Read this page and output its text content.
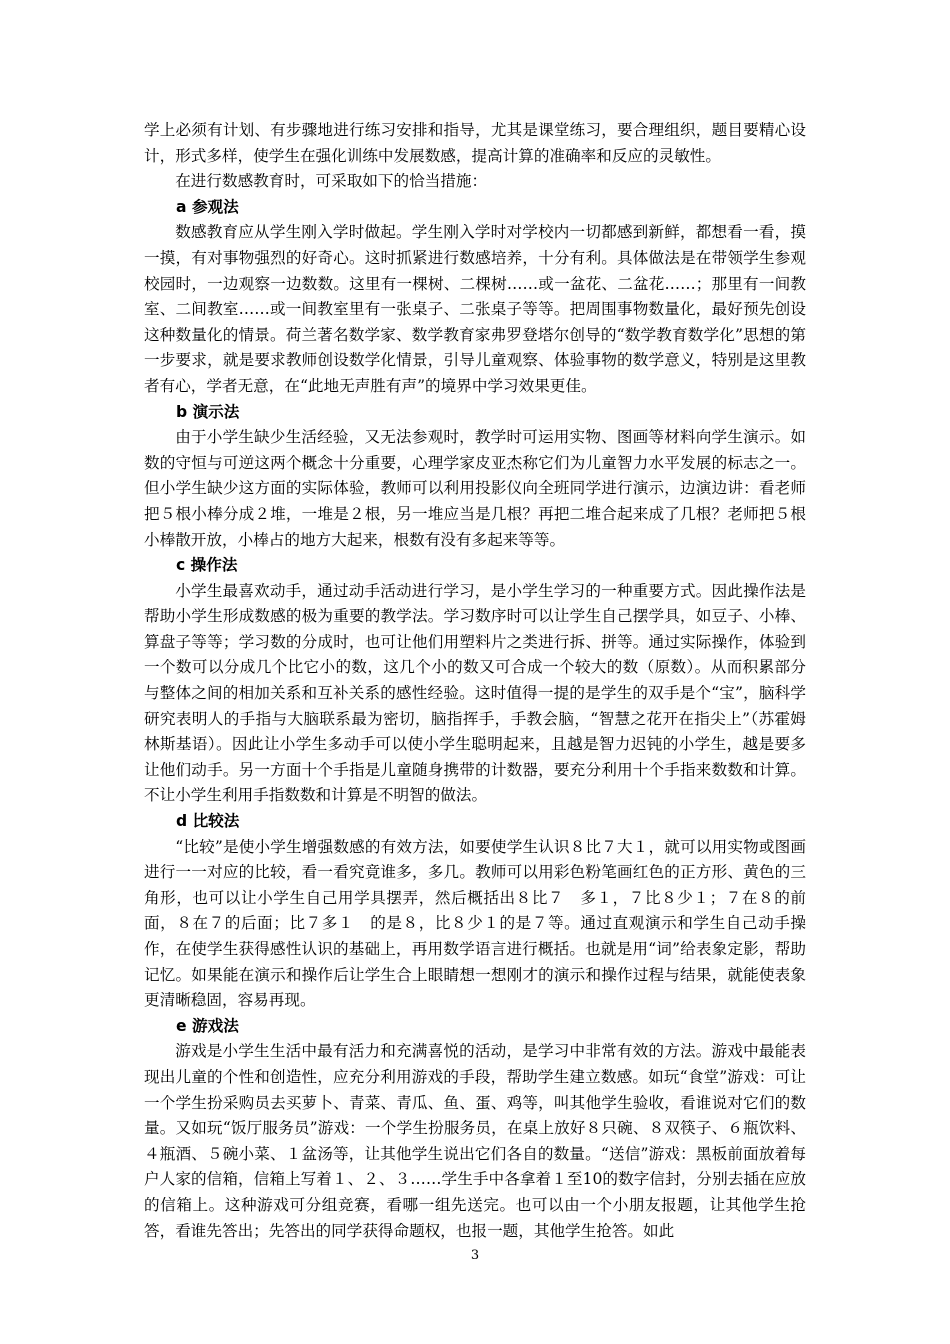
学上必须有计划、有步骤地进行练习安排和指导，尤其是课堂练习，要合理组织，题目要精心设计，形式多样，使学生在强化训练中发展数感，提高计算的准确率和反应的灵敏性。

在进行数感教育时，可采取如下的恰当措施：

a 参观法

数感教育应从学生刚入学时做起。学生刚入学时对学校内一切都感到新鲜，都想看一看，摸一摸，有对事物强烈的好奇心。这时抓紧进行数感培养，十分有利。具体做法是在带领学生参观校园时，一边观察一边数数。这里有一棵树、二棵树……或一盆花、二盆花……；那里有一间教室、二间教室……或一间教室里有一张桌子、二张桌子等等。把周围事物数量化，最好预先创设这种数量化的情景。荷兰著名数学家、数学教育家弗罗登塔尔创导的“数学教育数学化”思想的第一步要求，就是要求教师创设数学化情景，引导儿童观察、体验事物的数学意义，特别是这里教者有心，学者无意，在“此地无声胜有声”的境界中学习效果更佳。

b 演示法

由于小学生缺少生活经验，又无法参观时，教学时可运用实物、图画等材料向学生演示。如数的守恒与可逆这两个概念十分重要，心理学家皮亚杰称它们为儿童智力水平发展的标志之一。但小学生缺少这方面的实际体验，教师可以利用投影仪向全班同学进行演示，边演边讲：看老师把５根小棒分成２堆，一堆是２根，另一堆应当是几根？再把二堆合起来成了几根？老师把５根小棒散开放，小棒占的地方大起来，根数有没有多起来等等。

c 操作法

小学生最喜欢动手，通过动手活动进行学习，是小学生学习的一种重要方式。因此操作法是帮助小学生形成数感的极为重要的教学法。学习数序时可以让学生自己摆学具，如豆子、小棒、算盘子等等；学习数的分成时，也可让他们用塑料片之类进行拆、拼等。通过实际操作，体验到一个数可以分成几个比它小的数，这几个小的数又可合成一个较大的数（原数）。从而积累部分与整体之间的相加关系和互补关系的感性经验。这时值得一提的是学生的双手是个“宝”，脑科学研究表明人的手指与大脑联系最为密切，脑指挥手，手教会脑，“智慧之花开在指尖上”（苏霍姆林斯基语）。因此让小学生多动手可以使小学生聪明起来，且越是智力迟钝的小学生，越是要多让他们动手。另一方面十个手指是儿童随身携带的计数器，要充分利用十个手指来数数和计算。不让小学生利用手指数数和计算是不明智的做法。

d 比较法

“比较”是使小学生增强数感的有效方法，如要使学生认识８比７大１，就可以用实物或图画进行一一对应的比较，看一看究竟谁多，多几。教师可以用彩色粉笔画红色的正方形、黄色的三角形，也可以让小学生自己用学具摆弄，然后概括出８比７　多１，７比８少１；７在８的前面，８在７的后面；比７多１　的是８，比８少１的是７等。通过直观演示和学生自己动手操作，在使学生获得感性认识的基础上，再用数学语言进行概括。也就是用“词”给表象定影，帮助记忆。如果能在演示和操作后让学生合上眼睛想一想刚才的演示和操作过程与结果，就能使表象更清晰稳固，容易再现。

e 游戏法

游戏是小学生生活中最有活力和充满喜悦的活动，是学习中非常有效的方法。游戏中最能表现出儿童的个性和创造性，应充分利用游戏的手段，帮助学生建立数感。如玩“食堂”游戏：可让一个学生扮采购员去买萝卜、青菜、青瓜、鱼、蛋、鸡等，叫其他学生验收，看谁说对它们的数量。又如玩“饭厅服务员”游戏：一个学生扮服务员，在桌上放好８只碗、８双筷子、６瓶饮料、４瓶酒、５碗小菜、１盆汤等，让其他学生说出它们各自的数量。“送信”游戏：黑板前面放着每户人家的信箱，信箱上写着１、２、３……学生手中各拿着１至10的数字信封，分别去插在应放的信箱上。这种游戏可分组竞赛，看哪一组先送完。也可以由一个小朋友报题，让其他学生抢答，看谁先答出；先答出的同学获得命题权，也报一题，其他学生抢答。如此

3
